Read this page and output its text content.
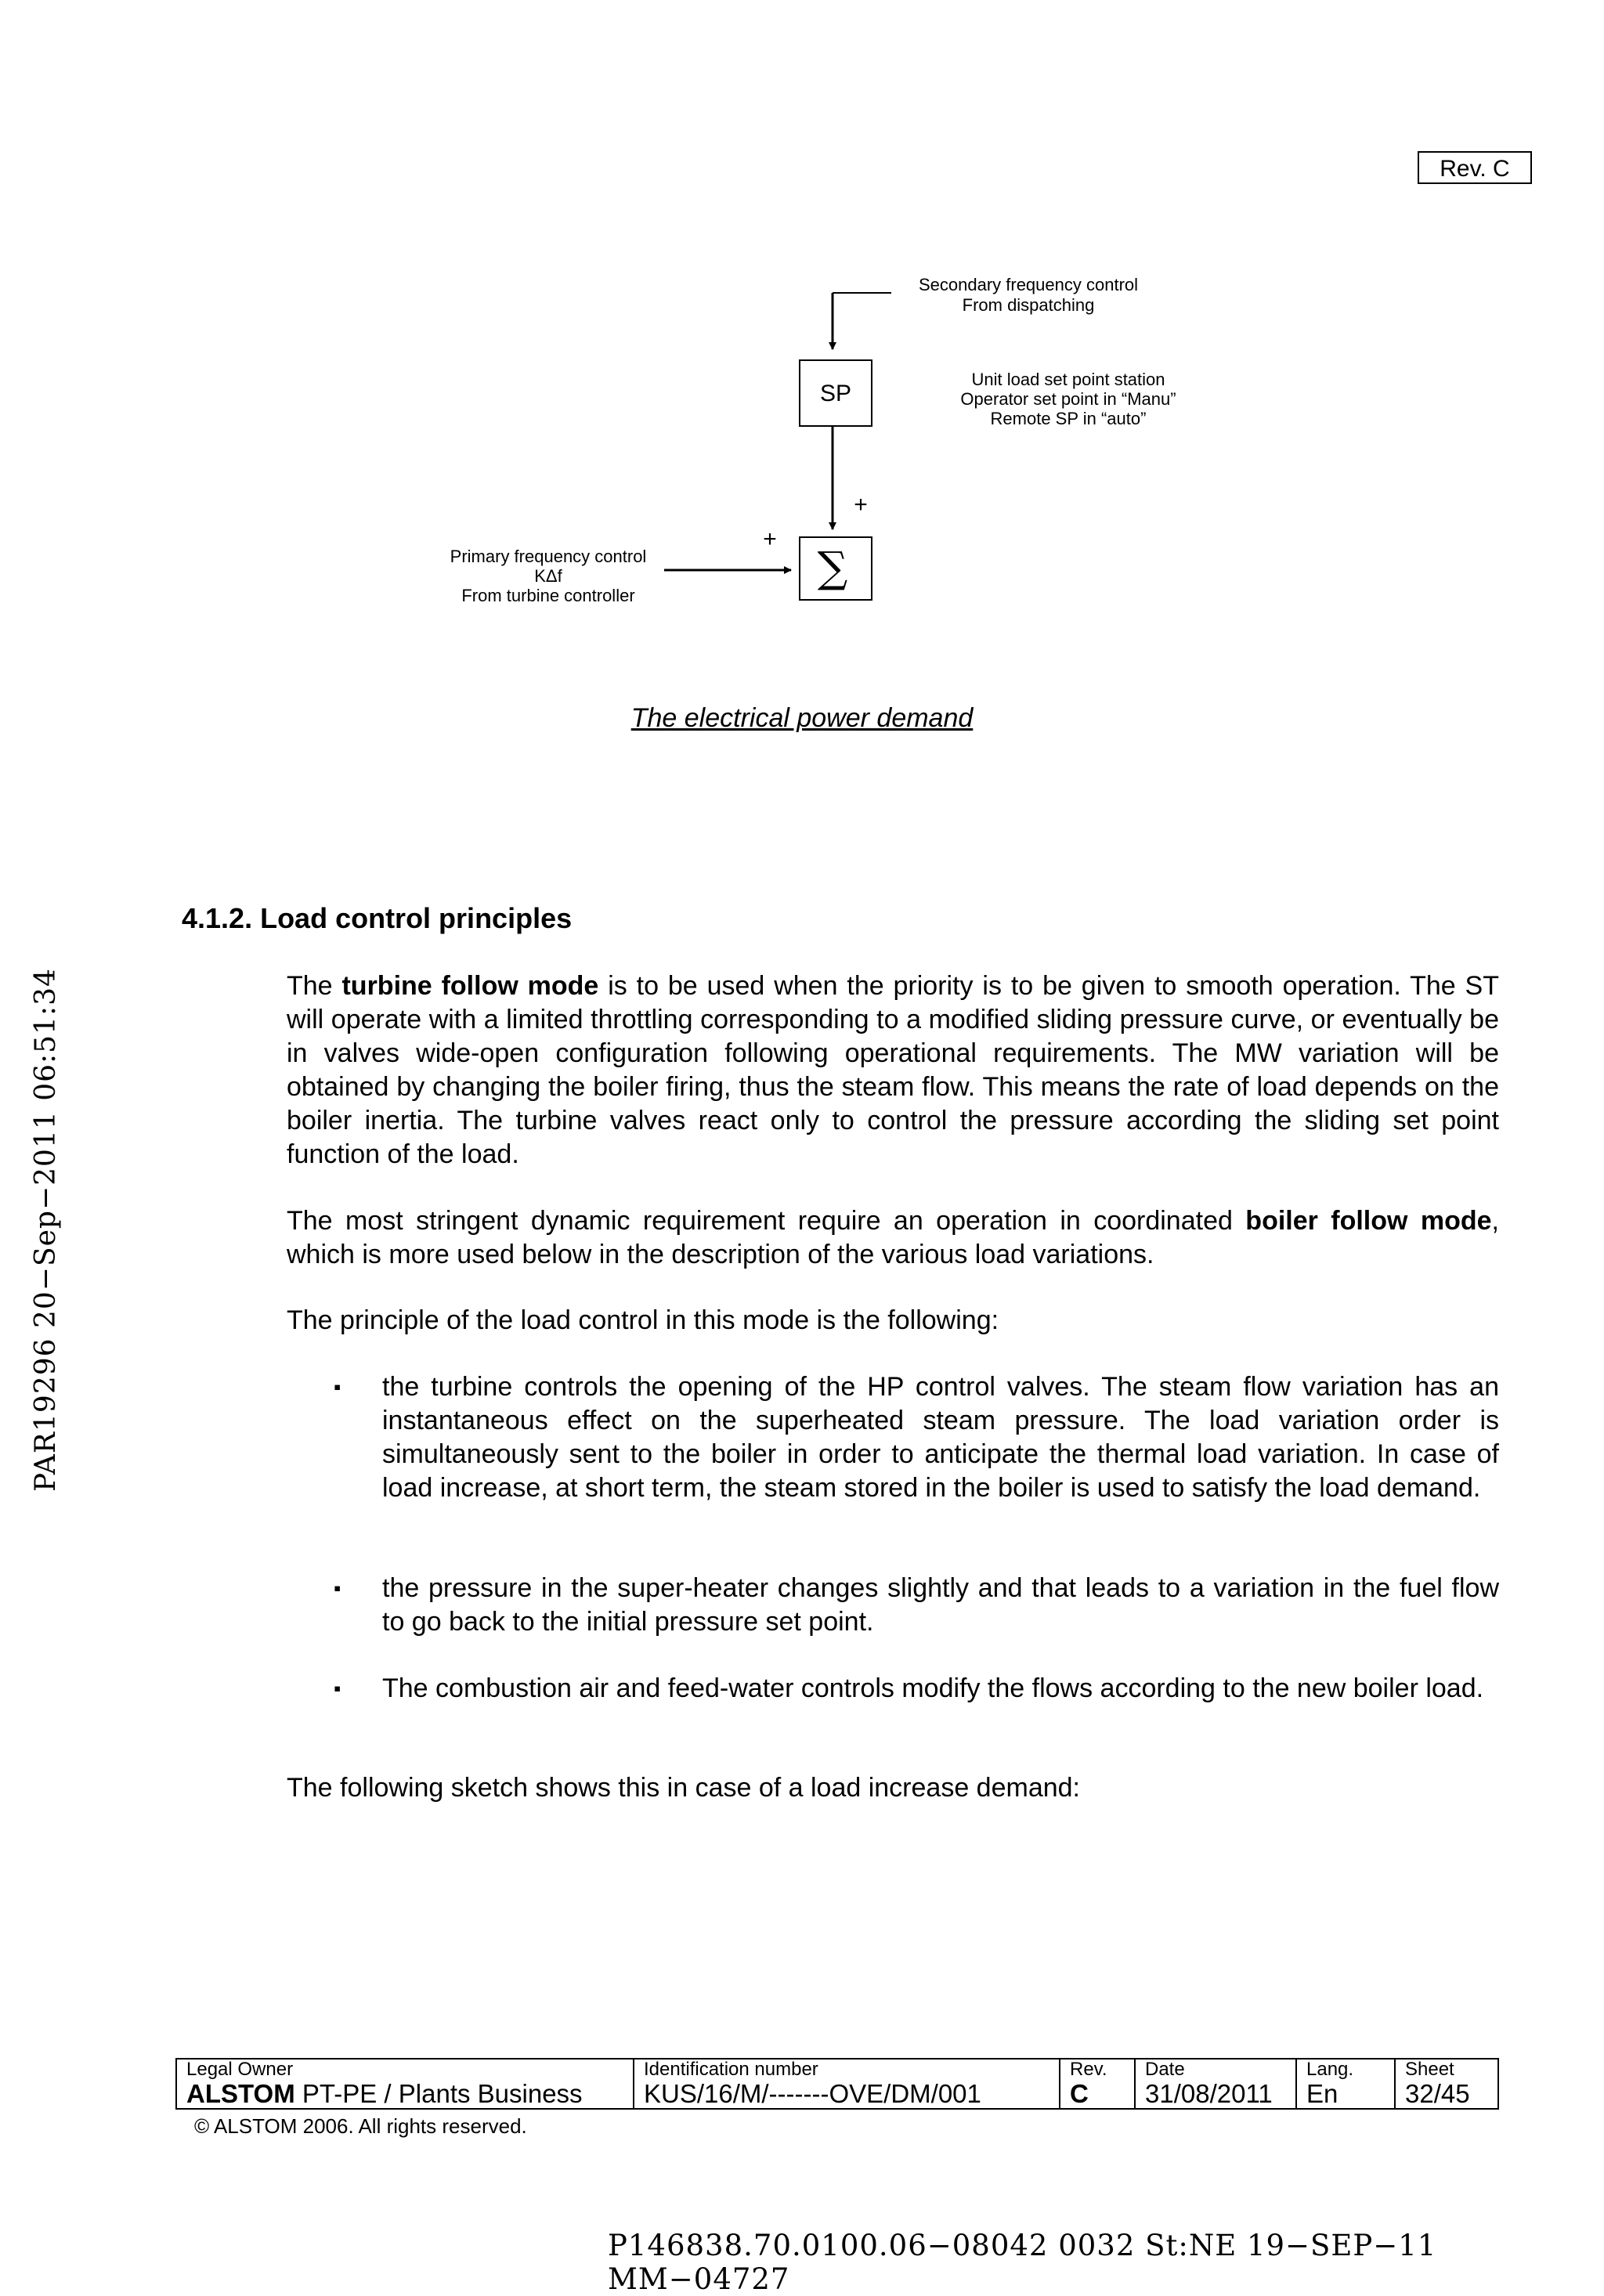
Rev. C
Secondary frequency control
From dispatching
SP
Unit load set point station
Operator set point in “Manu”
Remote SP in “auto”
+
∑
+
Primary frequency control
KΔf
From turbine controller
The electrical power demand
4.1.2. Load control principles

The turbine follow mode is to be used when the priority is to be given to smooth operation. The ST will operate with a limited throttling corresponding to a modified sliding pressure curve, or eventually be in valves wide-open configuration following operational requirements. The MW variation will be obtained by changing the boiler firing, thus the steam flow. This means the rate of load depends on the boiler inertia. The turbine valves react only to control the pressure according the sliding set point function of the load.

The most stringent dynamic requirement require an operation in coordinated boiler follow mode, which is more used below in the description of the various load variations.

The principle of the load control in this mode is the following:

▪ the turbine controls the opening of the HP control valves. The steam flow variation has an instantaneous effect on the superheated steam pressure. The load variation order is simultaneously sent to the boiler in order to anticipate the thermal load variation. In case of load increase, at short term, the steam stored in the boiler is used to satisfy the load demand.
▪ the pressure in the super-heater changes slightly and that leads to a variation in the fuel flow to go back to the initial pressure set point.
▪ The combustion air and feed-water controls modify the flows according to the new boiler load.

The following sketch shows this in case of a load increase demand:

Legal Owner
ALSTOM PT-PE / Plants Business

Identification number
KUS/16/M/-------OVE/DM/001

Rev.
C

Date
31/08/2011

Lang.
En

Sheet
32/45
© ALSTOM 2006. All rights reserved.
P146838.70.0100.06−08042 0032 St:NE 19−SEP−11 MM−04727
PAR19296 20−Sep−2011 06:51:34
